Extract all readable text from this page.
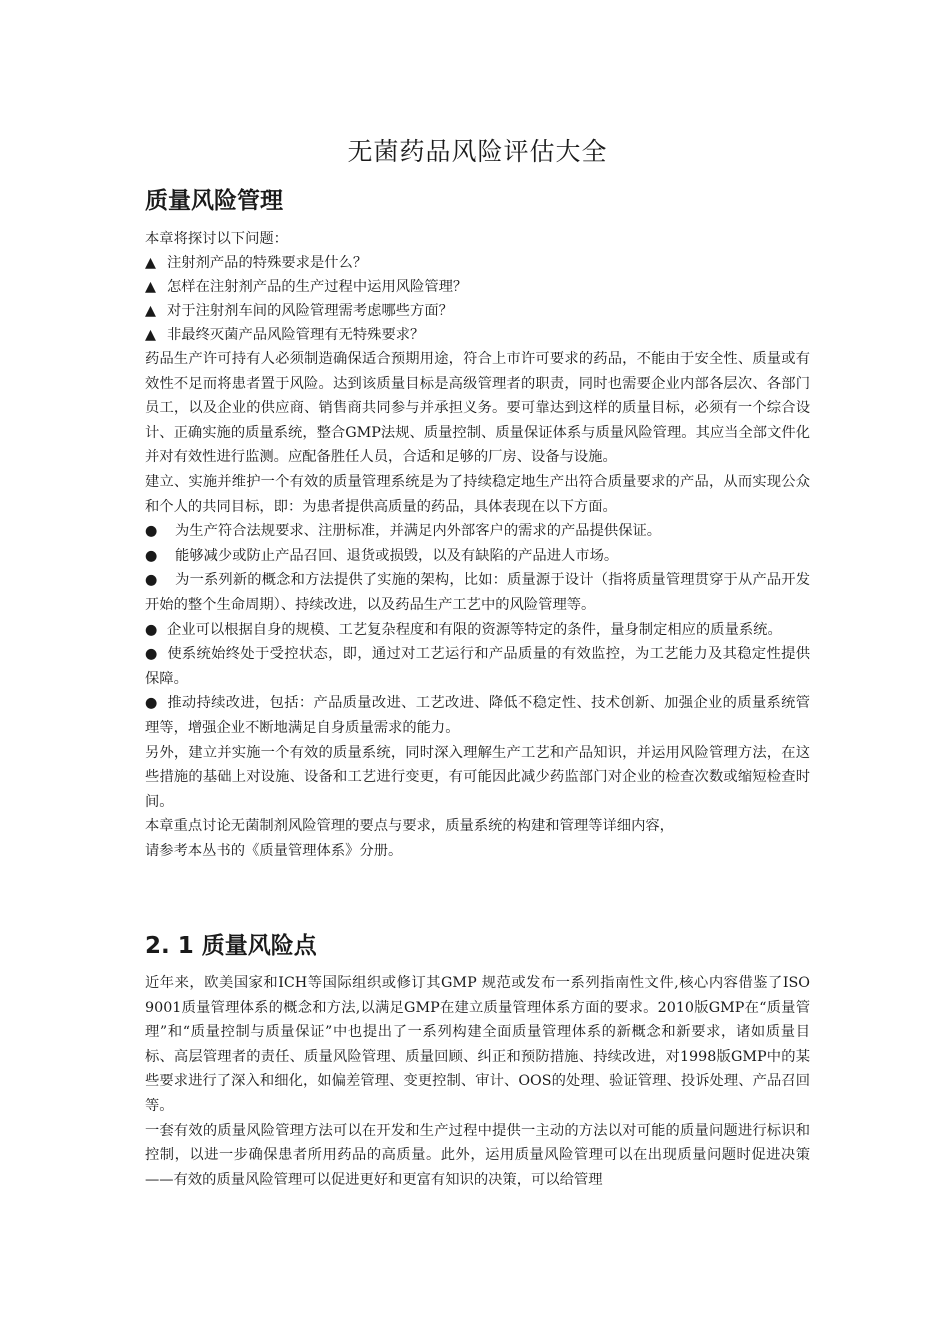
无菌药品风险评估大全
质量风险管理

本章将探讨以下问题：

▲ 注射剂产品的特殊要求是什么？
▲ 怎样在注射剂产品的生产过程中运用风险管理？
▲ 对于注射剂车间的风险管理需考虑哪些方面？
▲ 非最终灭菌产品风险管理有无特殊要求？

药品生产许可持有人必须制造确保适合预期用途，符合上市许可要求的药品，不能由于安全性、质量或有效性不足而将患者置于风险。达到该质量目标是高级管理者的职责，同时也需要企业内部各层次、各部门员工，以及企业的供应商、销售商共同参与并承担义务。要可靠达到这样的质量目标，必须有一个综合设计、正确实施的质量系统，整合GMP法规、质量控制、质量保证体系与质量风险管理。其应当全部文件化并对有效性进行监测。应配备胜任人员，合适和足够的厂房、设备与设施。

建立、实施并维护一个有效的质量管理系统是为了持续稳定地生产出符合质量要求的产品，从而实现公众和个人的共同目标，即：为患者提供高质量的药品，具体表现在以下方面。

● 为生产符合法规要求、注册标准，并满足内外部客户的需求的产品提供保证。

● 能够减少或防止产品召回、退货或损毁，以及有缺陷的产品进人市场。

● 为一系列新的概念和方法提供了实施的架构，比如：质量源于设计（指将质量管理贯穿于从产品开发开始的整个生命周期）、持续改进，以及药品生产工艺中的风险管理等。

● 企业可以根据自身的规模、工艺复杂程度和有限的资源等特定的条件，量身制定相应的质量系统。

● 使系统始终处于受控状态，即，通过对工艺运行和产品质量的有效监控，为工艺能力及其稳定性提供保障。

● 推动持续改进，包括：产品质量改进、工艺改进、降低不稳定性、技术创新、加强企业的质量系统管理等，增强企业不断地满足自身质量需求的能力。

另外，建立并实施一个有效的质量系统，同时深入理解生产工艺和产品知识，并运用风险管理方法，在这些措施的基础上对设施、设备和工艺进行变更，有可能因此减少药监部门对企业的检查次数或缩短检查时间。

本章重点讨论无菌制剂风险管理的要点与要求，质量系统的构建和管理等详细内容，
请参考本丛书的《质量管理体系》分册。

2. 1 质量风险点

近年来，欧美国家和ICH等国际组织或修订其GMP 规范或发布一系列指南性文件,核心内容借鉴了ISO 9001质量管理体系的概念和方法,以满足GMP在建立质量管理体系方面的要求。2010版GMP在“质量管理”和“质量控制与质量保证”中也提出了一系列构建全面质量管理体系的新概念和新要求，诸如质量目标、高层管理者的责任、质量风险管理、质量回顾、纠正和预防措施、持续改进，对1998版GMP中的某些要求进行了深入和细化，如偏差管理、变更控制、审计、OOS的处理、验证管理、投诉处理、产品召回等。

一套有效的质量风险管理方法可以在开发和生产过程中提供一主动的方法以对可能的质量问题进行标识和控制，以进一步确保患者所用药品的高质量。此外，运用质量风险管理可以在出现质量问题时促进决策——有效的质量风险管理可以促进更好和更富有知识的决策，可以给管理
